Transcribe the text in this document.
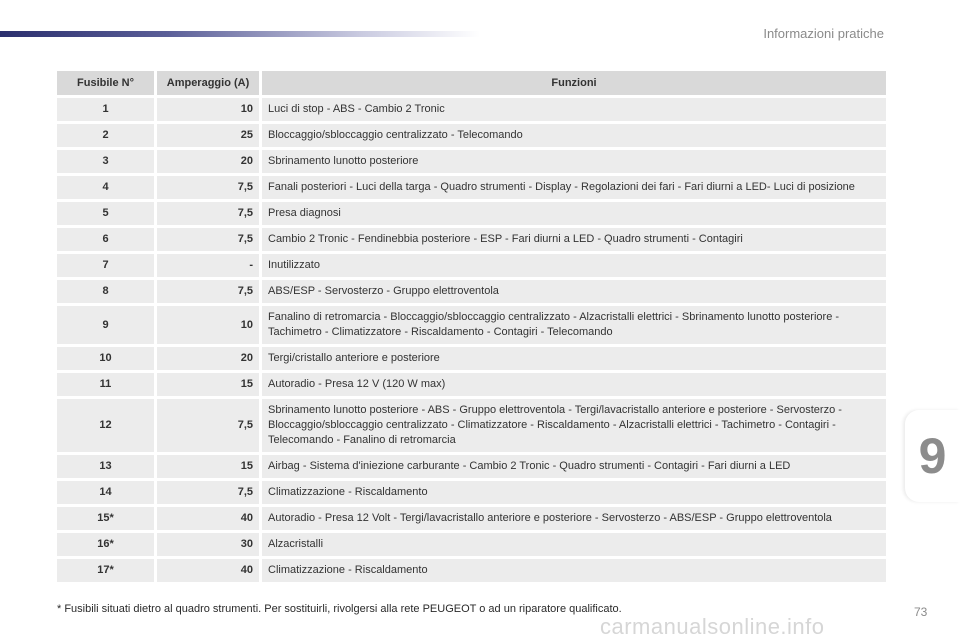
Informazioni pratiche
Fusibile N°	Amperaggio (A)	Funzioni
1	10	Luci di stop - ABS - Cambio 2 Tronic
2	25	Bloccaggio/sbloccaggio centralizzato - Telecomando
3	20	Sbrinamento lunotto posteriore
4	7,5	Fanali posteriori - Luci della targa - Quadro strumenti - Display - Regolazioni dei fari - Fari diurni a LED- Luci di posizione
5	7,5	Presa diagnosi
6	7,5	Cambio 2 Tronic - Fendinebbia posteriore - ESP - Fari diurni a LED - Quadro strumenti - Contagiri
7	-	Inutilizzato
8	7,5	ABS/ESP - Servosterzo - Gruppo elettroventola
9	10	Fanalino di retromarcia - Bloccaggio/sbloccaggio centralizzato - Alzacristalli elettrici - Sbrinamento lunotto posteriore - Tachimetro - Climatizzatore - Riscaldamento - Contagiri - Telecomando
10	20	Tergi/cristallo anteriore e posteriore
11	15	Autoradio - Presa 12 V (120 W max)
12	7,5	Sbrinamento lunotto posteriore - ABS - Gruppo elettroventola - Tergi/lavacristallo anteriore e posteriore - Servosterzo - Bloccaggio/sbloccaggio centralizzato - Climatizzatore - Riscaldamento - Alzacristalli elettrici - Tachimetro - Contagiri - Telecomando - Fanalino di retromarcia
13	15	Airbag - Sistema d'iniezione carburante - Cambio 2 Tronic - Quadro strumenti - Contagiri - Fari diurni a LED
14	7,5	Climatizzazione - Riscaldamento
15*	40	Autoradio - Presa 12 Volt - Tergi/lavacristallo anteriore e posteriore - Servosterzo - ABS/ESP - Gruppo elettroventola
16*	30	Alzacristalli
17*	40	Climatizzazione - Riscaldamento
* Fusibili situati dietro al quadro strumenti. Per sostituirli, rivolgersi alla rete PEUGEOT o ad un riparatore qualificato.
9
carmanualsonline.info
73
